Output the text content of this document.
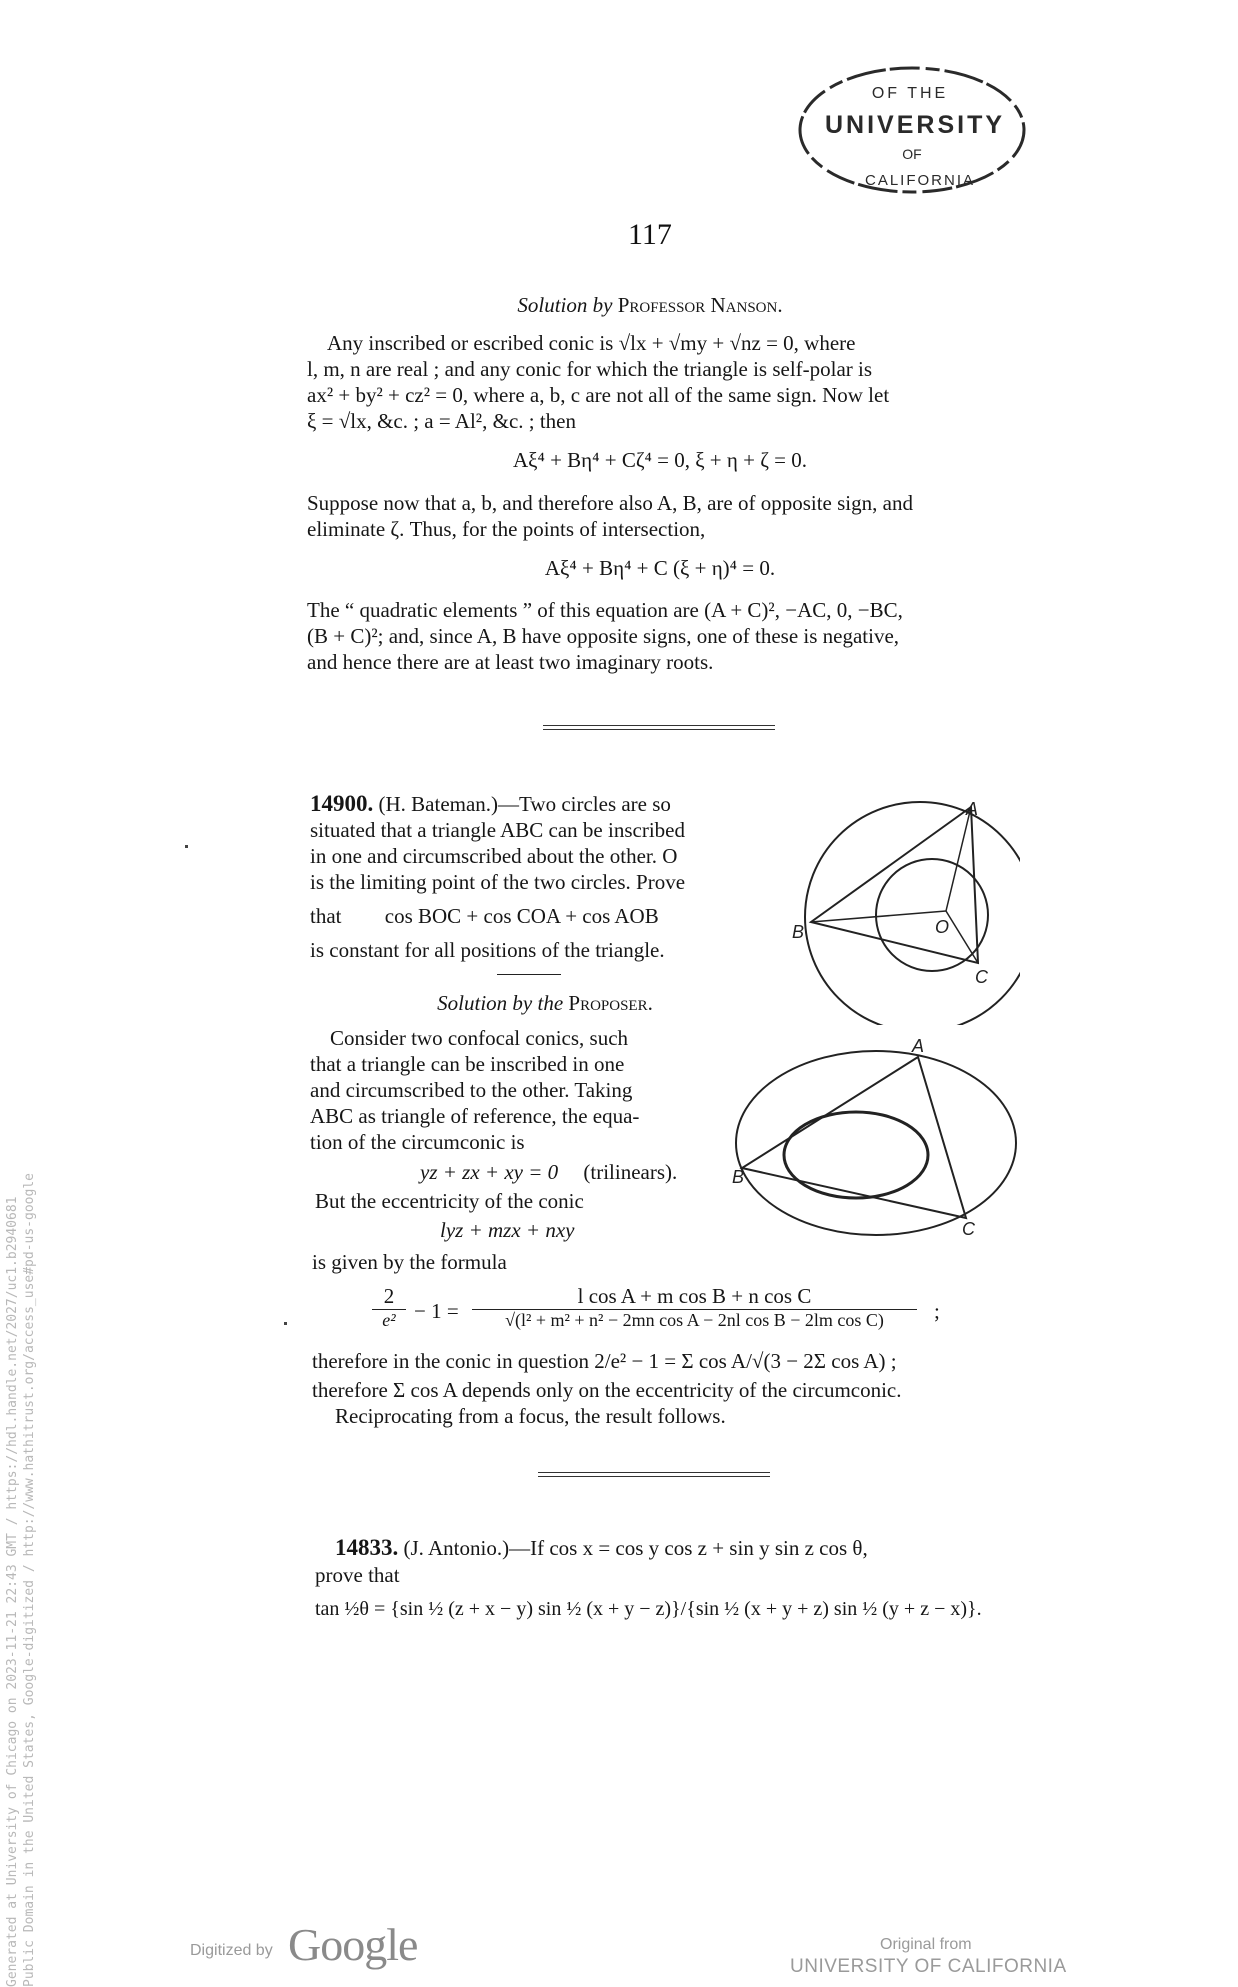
OF THE
UNIVERSITY
OF
CALIFORNIA
117
Solution by Professor Nanson.
Any inscribed or escribed conic is √lx + √my + √nz = 0, where
l, m, n are real ; and any conic for which the triangle is self-polar is
ax² + by² + cz² = 0, where a, b, c are not all of the same sign. Now let
ξ = √lx, &c. ; a = Al², &c. ; then
Aξ⁴ + Bη⁴ + Cζ⁴ = 0, ξ + η + ζ = 0.
Suppose now that a, b, and therefore also A, B, are of opposite sign, and
eliminate ζ. Thus, for the points of intersection,
Aξ⁴ + Bη⁴ + C (ξ + η)⁴ = 0.
The “ quadratic elements ” of this equation are (A + C)², −AC, 0, −BC,
(B + C)²; and, since A, B have opposite signs, one of these is negative,
and hence there are at least two imaginary roots.
14900. (H. Bateman.)—Two circles are so
situated that a triangle ABC can be inscribed
in one and circumscribed about the other. O
is the limiting point of the two circles. Prove
that cos BOC + cos COA + cos AOB
is constant for all positions of the triangle.
A
B	O
C
Solution by the Proposer.
Consider two confocal conics, such
that a triangle can be inscribed in one
and circumscribed to the other. Taking
ABC as triangle of reference, the equa-
tion of the circumconic is
yz + zx + xy = 0 (trilinears).
But the eccentricity of the conic
lyz + mzx + nxy
is given by the formula
A
B
C
2
e² − 1 =
l cos A + m cos B + n cos C
√(l² + m² + n² − 2mn cos A − 2nl cos B − 2lm cos C)	;
therefore in the conic in question 2/e² − 1 = Σ cos A/√(3 − 2Σ cos A) ;
therefore Σ cos A depends only on the eccentricity of the circumconic.
Reciprocating from a focus, the result follows.
14833. (J. Antonio.)—If cos x = cos y cos z + sin y sin z cos θ,
prove that
tan ½θ = {sin ½ (z + x − y) sin ½ (x + y − z)}/{sin ½ (x + y + z) sin ½ (y + z − x)}.
Generated at University of Chicago on 2023-11-21 22:43 GMT / https://hdl.handle.net/2027/uc1.b2940681 Public Domain in the United States, Google-digitized / http://www.hathitrust.org/access_use#pd-us-google	Digitized by Google	Original from
UNIVERSITY OF CALIFORNIA
